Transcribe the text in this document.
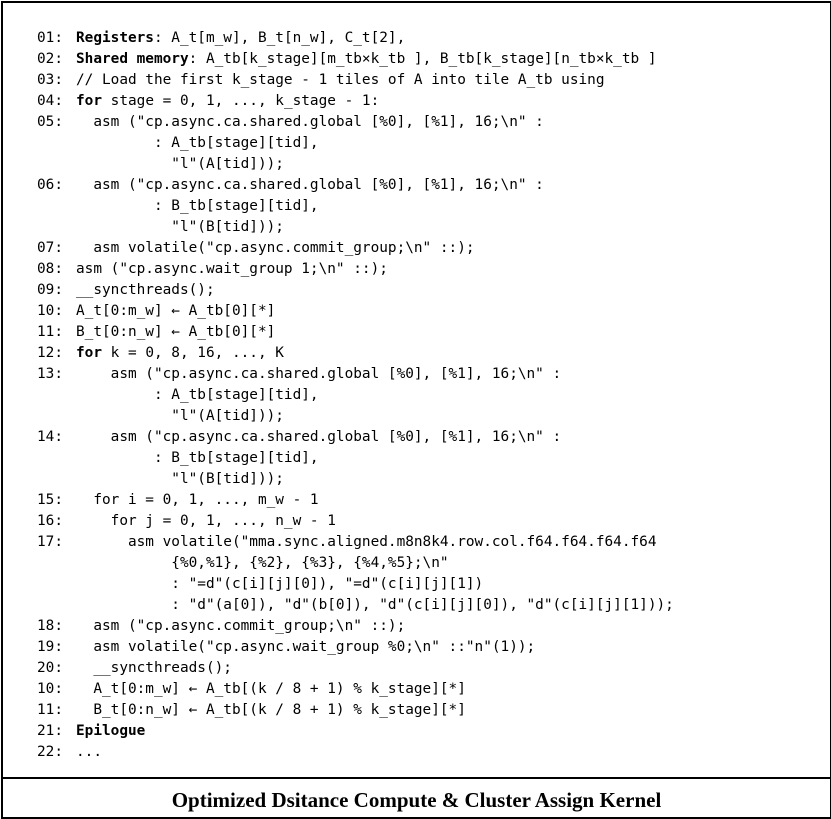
01: Registers: A_t[m_w], B_t[n_w], C_t[2],
02: Shared memory: A_tb[k_stage][m_tb×k_tb ], B_tb[k_stage][n_tb×k_tb ]
03: // Load the first k_stage - 1 tiles of A into tile A_tb using
04: for stage = 0, 1, ..., k_stage - 1:
05: asm ("cp.async.ca.shared.global [%0], [%1], 16;\n" :
: A_tb[stage][tid],
"l"(A[tid]));
06: asm ("cp.async.ca.shared.global [%0], [%1], 16;\n" :
: B_tb[stage][tid],
"l"(B[tid]));
07: asm volatile("cp.async.commit_group;\n" ::);
08: asm ("cp.async.wait_group 1;\n" ::);
09: __syncthreads();
10: A_t[0:m_w] ← A_tb[0][*]
11: B_t[0:n_w] ← A_tb[0][*]
12: for k = 0, 8, 16, ..., K
13: asm ("cp.async.ca.shared.global [%0], [%1], 16;\n" :
: A_tb[stage][tid],
"l"(A[tid]));
14: asm ("cp.async.ca.shared.global [%0], [%1], 16;\n" :
: B_tb[stage][tid],
"l"(B[tid]));
15: for i = 0, 1, ..., m_w - 1
16: for j = 0, 1, ..., n_w - 1
17: asm volatile("mma.sync.aligned.m8n8k4.row.col.f64.f64.f64.f64
{%0,%1}, {%2}, {%3}, {%4,%5};\n"
: "=d"(c[i][j][0]), "=d"(c[i][j][1])
: "d"(a[0]), "d"(b[0]), "d"(c[i][j][0]), "d"(c[i][j][1]));
18: asm ("cp.async.commit_group;\n" ::);
19: asm volatile("cp.async.wait_group %0;\n" ::"n"(1));
20: __syncthreads();
10: A_t[0:m_w] ← A_tb[(k / 8 + 1) % k_stage][*]
11: B_t[0:n_w] ← A_tb[(k / 8 + 1) % k_stage][*]
21: Epilogue
22: ...
Optimized Dsitance Compute & Cluster Assign Kernel
